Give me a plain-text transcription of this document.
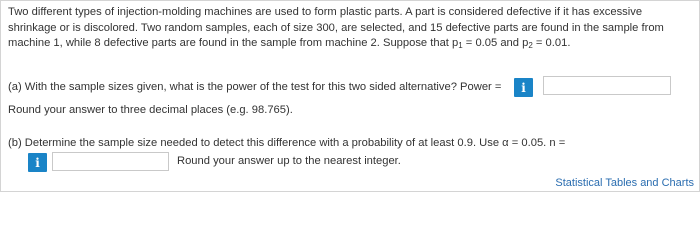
Two different types of injection-molding machines are used to form plastic parts. A part is considered defective if it has excessive shrinkage or is discolored. Two random samples, each of size 300, are selected, and 15 defective parts are found in the sample from machine 1, while 8 defective parts are found in the sample from machine 2. Suppose that $p_1 = 0.05$ and $p_2 = 0.01$.
(a) With the sample sizes given, what is the power of the test for this two sided alternative? Power =	i
Round your answer to three decimal places (e.g. 98.765).
(b) Determine the sample size needed to detect this difference with a probability of at least 0.9. Use α = 0.05. n =
i	Round your answer up to the nearest integer.
Statistical Tables and Charts
